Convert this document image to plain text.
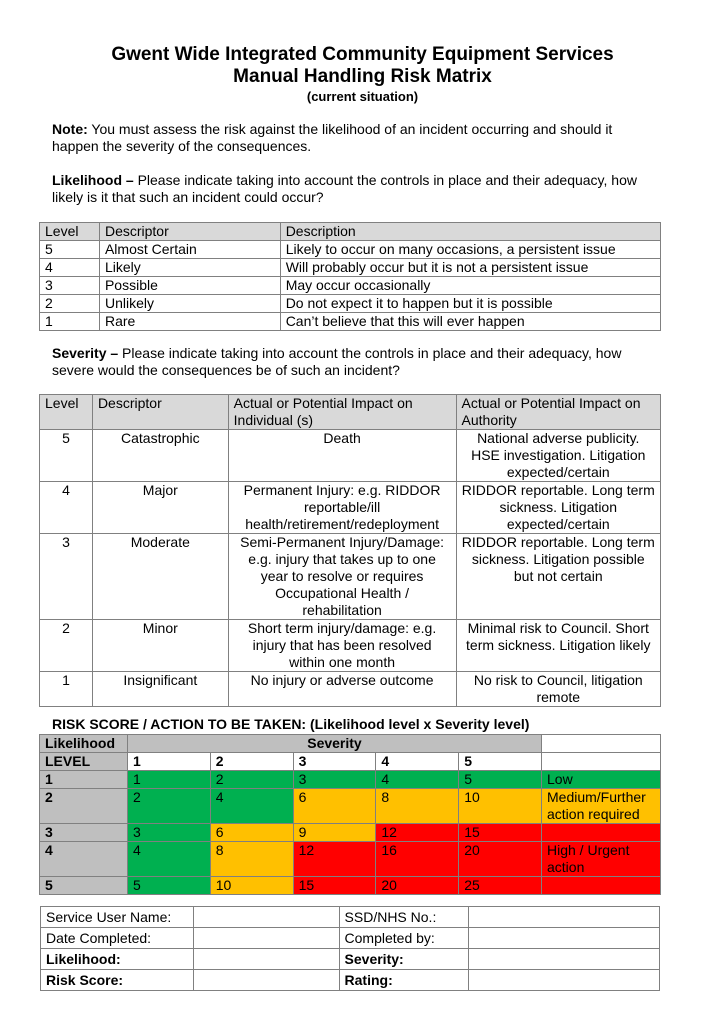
Gwent Wide Integrated Community Equipment Services
Manual Handling Risk Matrix
(current situation)
Note: You must assess the risk against the likelihood of an incident occurring and should it happen the severity of the consequences.
Likelihood – Please indicate taking into account the controls in place and their adequacy, how likely is it that such an incident could occur?
Level	Descriptor	Description
5	Almost Certain	Likely to occur on many occasions, a persistent issue
4	Likely	Will probably occur but it is not a persistent issue
3	Possible	May occur occasionally
2	Unlikely	Do not expect it to happen but it is possible
1	Rare	Can’t believe that this will ever happen
Severity – Please indicate taking into account the controls in place and their adequacy, how severe would the consequences be of such an incident?
Level	Descriptor	Actual or Potential Impact on Individual (s)	Actual or Potential Impact on Authority
5	Catastrophic	Death	National adverse publicity. HSE investigation. Litigation expected/certain
4	Major	Permanent Injury: e.g. RIDDOR reportable/ill health/retirement/redeployment	RIDDOR reportable. Long term sickness. Litigation expected/certain
3	Moderate	Semi-Permanent Injury/Damage: e.g. injury that takes up to one year to resolve or requires Occupational Health / rehabilitation	RIDDOR reportable. Long term sickness. Litigation possible but not certain
2	Minor	Short term injury/damage: e.g. injury that has been resolved within one month	Minimal risk to Council. Short term sickness. Litigation likely
1	Insignificant	No injury or adverse outcome	No risk to Council, litigation remote
RISK SCORE / ACTION TO BE TAKEN: (Likelihood level x Severity level)
Likelihood	Severity					
LEVEL	1	2	3	4	5	
1	1	2	3	4	5	Low
2	2	4	6	8	10	Medium/Further action required
3	3	6	9	12	15	
4	4	8	12	16	20	High / Urgent action
5	5	10	15	20	25	
Service User Name:		SSD/NHS No.:	
Date Completed:		Completed by:	
Likelihood:		Severity:	
Risk Score:		Rating:	
